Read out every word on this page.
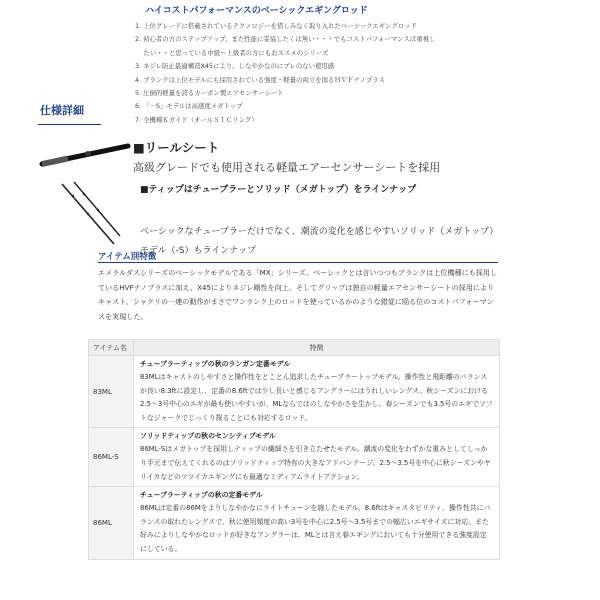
ハイコストパフォーマンスのベーシックエギングロッド
1. 上位グレードに搭載されているテクノロジーを惜しみなく取り入れたベーシックエギングロッド
2. 初心者の方のステップアップ、また性能に妥協したくは無い・・・でもコストパフォーマンスは重視し
　 たい・・と思っている中級～上級者の方にもおススメのシリーズ
3. ネジレ防止最適構造X45により、しなやかなのにブレのない使用感
4. ブランクは上位モデルにも採用されている強度・軽量の両立を図るＨＶＦナノプラス
5. 圧倒的軽量を誇るカーボン製エアセンサーシート
6. 「－S」モデルは高感度メガトップ
7. 全機種Ｋガイド（オールＳＩＣリング）
仕様詳細
■リールシート
高級グレードでも使用される軽量エアーセンサーシートを採用
■ティップはチューブラーとソリッド（メガトップ）をラインナップ
ベーシックなチューブラーだけでなく、潮流の変化を感じやすいソリッド（メガトップ）モデル（-S）もラインナップ
アイテム別特徴
エメラルダスシリーズのベーシックモデルである「MX」シリーズ。ベーシックとは言いつつもブランクは上位機種にも採用しているHVFナノプラスに加え、X45によりネジレ剛性を向上。そしてグリップは独自の軽量エアセンサーシートの採用によりキャスト、シャクリの一連の動作がまさでワンランク上のロッドを使っているかのような錯覚に陥る位のコストパフォーマンスを実現した。
アイテム名	特徴
83ML	チューブラーティップの秋のランガン定番モデル
83MLはキャストのしやすさと操作性をとことん追求したチューブラートップモデル。操作性と飛距離のバランスが良い8.3ftに設定し、定番の8.6ftでは少し長いと感じるアングラーにはうれしいレングス。秋シーズンにおける2.5～3号中心のエギが最も使いやすいが、MLならではのしなやかさを生かし、春シーズンでも3.5号のエギでソフトなジャークでじっくり探ることにも対応するロッド。

86ML-S	ソリッドティップの秋のセンシティブモデル
86ML-Sはメガトップを採用しティップの繊細さを引き立たせたモデル。潮流の変化をわずかな重みとしてしっかり手元まで伝えてくれるのはソリッドティップ特有の大きなアドバンテージ。2.5～3.5号を中心に秋シーズンやヤリイカなどのツツイカエギングにも最適なミディアムライトアクション。

86ML	チューブラーティップの秋の定番モデル
86MLは定番の86Mをよりしなやかなにライトチューンを施したモデル。8.6ftはキャスタビリティ、操作性共にバランスの取れたレングスで、秋に使用頻度の高い3号を中心に2.5号～3.5号までの幅広いエギサイズに対応。また好みによりしなやかなロッドが好きなアングラーは、MLとは言え春エギングにおいても十分使用できる強度設定にしている。
